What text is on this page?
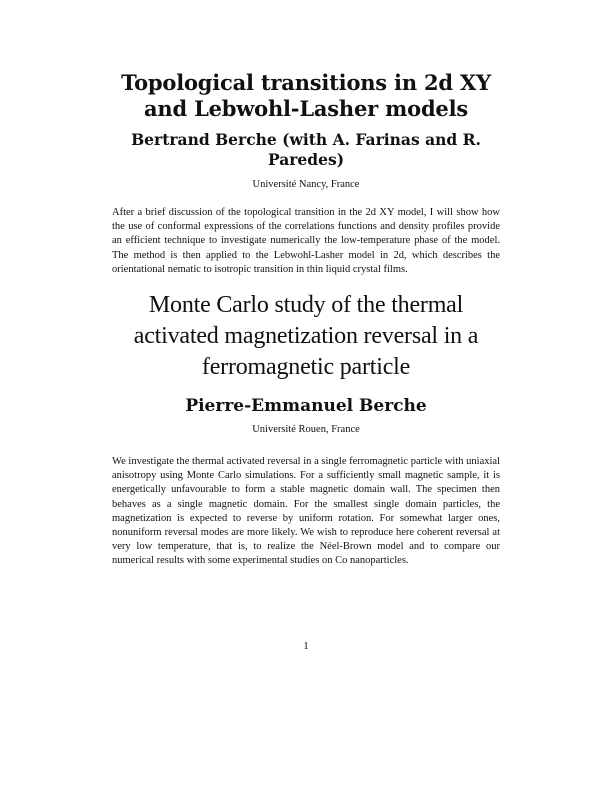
Topological transitions in 2d XY and Lebwohl-Lasher models
Bertrand Berche (with A. Farinas and R. Paredes)

Université Nancy, France

After a brief discussion of the topological transition in the 2d XY model, I will show how the use of conformal expressions of the correlations functions and density profiles provide an efficient technique to investigate numerically the low-temperature phase of the model. The method is then applied to the Lebwohl-Lasher model in 2d, which describes the orientational nematic to isotropic transition in thin liquid crystal films.

Monte Carlo study of the thermal activated magnetization reversal in a ferromagnetic particle
Pierre-Emmanuel Berche

Université Rouen, France

We investigate the thermal activated reversal in a single ferromagnetic particle with uniaxial anisotropy using Monte Carlo simulations. For a sufficiently small magnetic sample, it is energetically unfavourable to form a stable magnetic domain wall. The specimen then behaves as a single magnetic domain. For the smallest single domain particles, the magnetization is expected to reverse by uniform rotation. For somewhat larger ones, nonuniform reversal modes are more likely. We wish to reproduce here coherent reversal at very low temperature, that is, to realize the Néel-Brown model and to compare our numerical results with some experimental studies on Co nanoparticles.

1
